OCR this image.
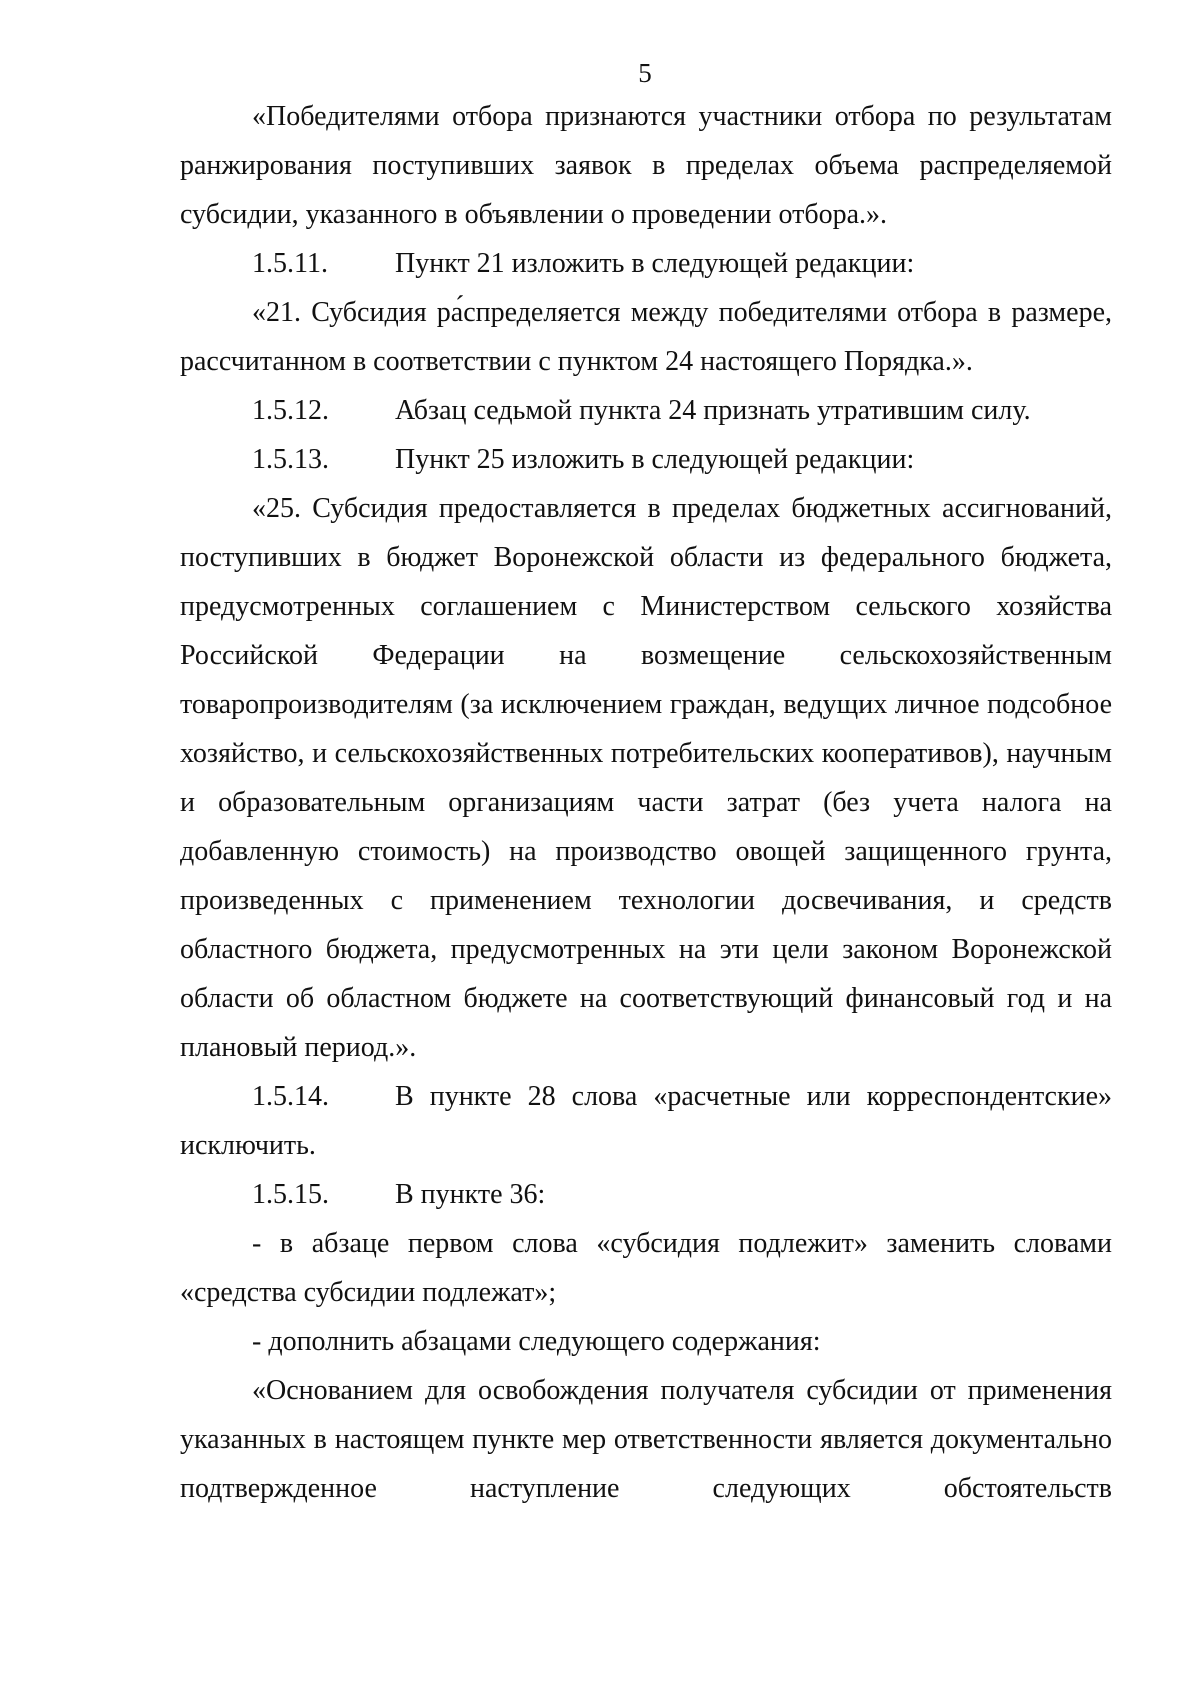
5

«Победителями отбора признаются участники отбора по результатам ранжирования поступивших заявок в пределах объема распределяемой субсидии, указанного в объявлении о проведении отбора.».

1.5.11. Пункт 21 изложить в следующей редакции:

«21. Субсидия ра́спределяется между победителями отбора в размере, рассчитанном в соответствии с пунктом 24 настоящего Порядка.».

1.5.12. Абзац седьмой пункта 24 признать утратившим силу.

1.5.13. Пункт 25 изложить в следующей редакции:

«25. Субсидия предоставляется в пределах бюджетных ассигнований, поступивших в бюджет Воронежской области из федерального бюджета, предусмотренных соглашением с Министерством сельского хозяйства Российской Федерации на возмещение сельскохозяйственным товаропроизводителям (за исключением граждан, ведущих личное подсобное хозяйство, и сельскохозяйственных потребительских кооперативов), научным и образовательным организациям части затрат (без учета налога на добавленную стоимость) на производство овощей защищенного грунта, произведенных с применением технологии досвечивания, и средств областного бюджета, предусмотренных на эти цели законом Воронежской области об областном бюджете на соответствующий финансовый год и на плановый период.».

1.5.14. В пункте 28 слова «расчетные или корреспондентские» исключить.

1.5.15. В пункте 36:

- в абзаце первом слова «субсидия подлежит» заменить словами «средства субсидии подлежат»;

- дополнить абзацами следующего содержания:

«Основанием для освобождения получателя субсидии от применения указанных в настоящем пункте мер ответственности является документально подтвержденное наступление следующих обстоятельств
